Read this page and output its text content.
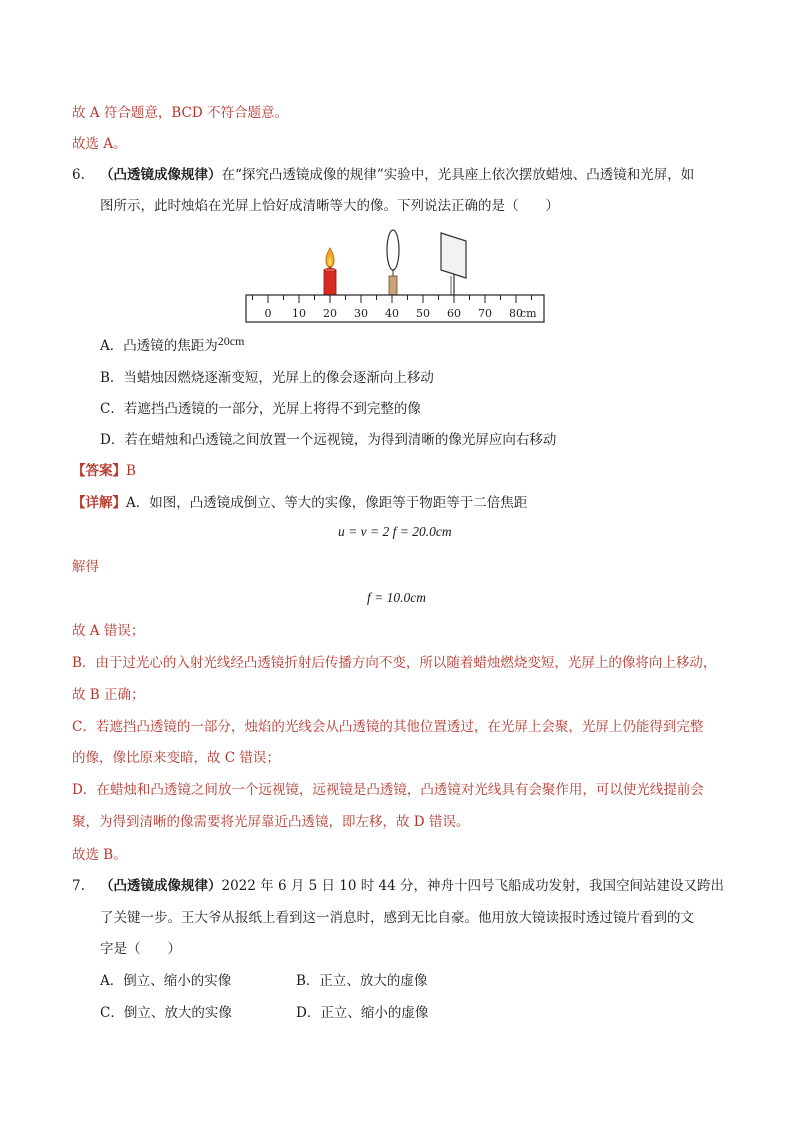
故 A 符合题意，BCD 不符合题意。
故选 A。
6. （凸透镜成像规律）在“探究凸透镜成像的规律”实验中，光具座上依次摆放蜡烛、凸透镜和光屏，如
图所示，此时烛焰在光屏上恰好成清晰等大的像。下列说法正确的是（　　）
0 10 20 30 40 50 60 70 80
cm
A．凸透镜的焦距为20cm
B．当蜡烛因燃烧逐渐变短，光屏上的像会逐渐向上移动
C．若遮挡凸透镜的一部分，光屏上将得不到完整的像
D．若在蜡烛和凸透镜之间放置一个远视镜，为得到清晰的像光屏应向右移动
【答案】B
【详解】A．如图，凸透镜成倒立、等大的实像，像距等于物距等于二倍焦距
u = v = 2 f = 20.0cm
解得
f = 10.0cm
故 A 错误；
B．由于过光心的入射光线经凸透镜折射后传播方向不变，所以随着蜡烛燃烧变短，光屏上的像将向上移动，
故 B 正确；
C．若遮挡凸透镜的一部分，烛焰的光线会从凸透镜的其他位置透过，在光屏上会聚，光屏上仍能得到完整
的像，像比原来变暗，故 C 错误；
D．在蜡烛和凸透镜之间放一个远视镜，远视镜是凸透镜，凸透镜对光线具有会聚作用，可以使光线提前会
聚，为得到清晰的像需要将光屏靠近凸透镜，即左移，故 D 错误。
故选 B。
7. （凸透镜成像规律）2022 年 6 月 5 日 10 时 44 分，神舟十四号飞船成功发射，我国空间站建设又跨出
了关键一步。王大爷从报纸上看到这一消息时，感到无比自豪。他用放大镜读报时透过镜片看到的文
字是（　　）
A．倒立、缩小的实像	B．正立、放大的虚像
C．倒立、放大的实像	D．正立、缩小的虚像
